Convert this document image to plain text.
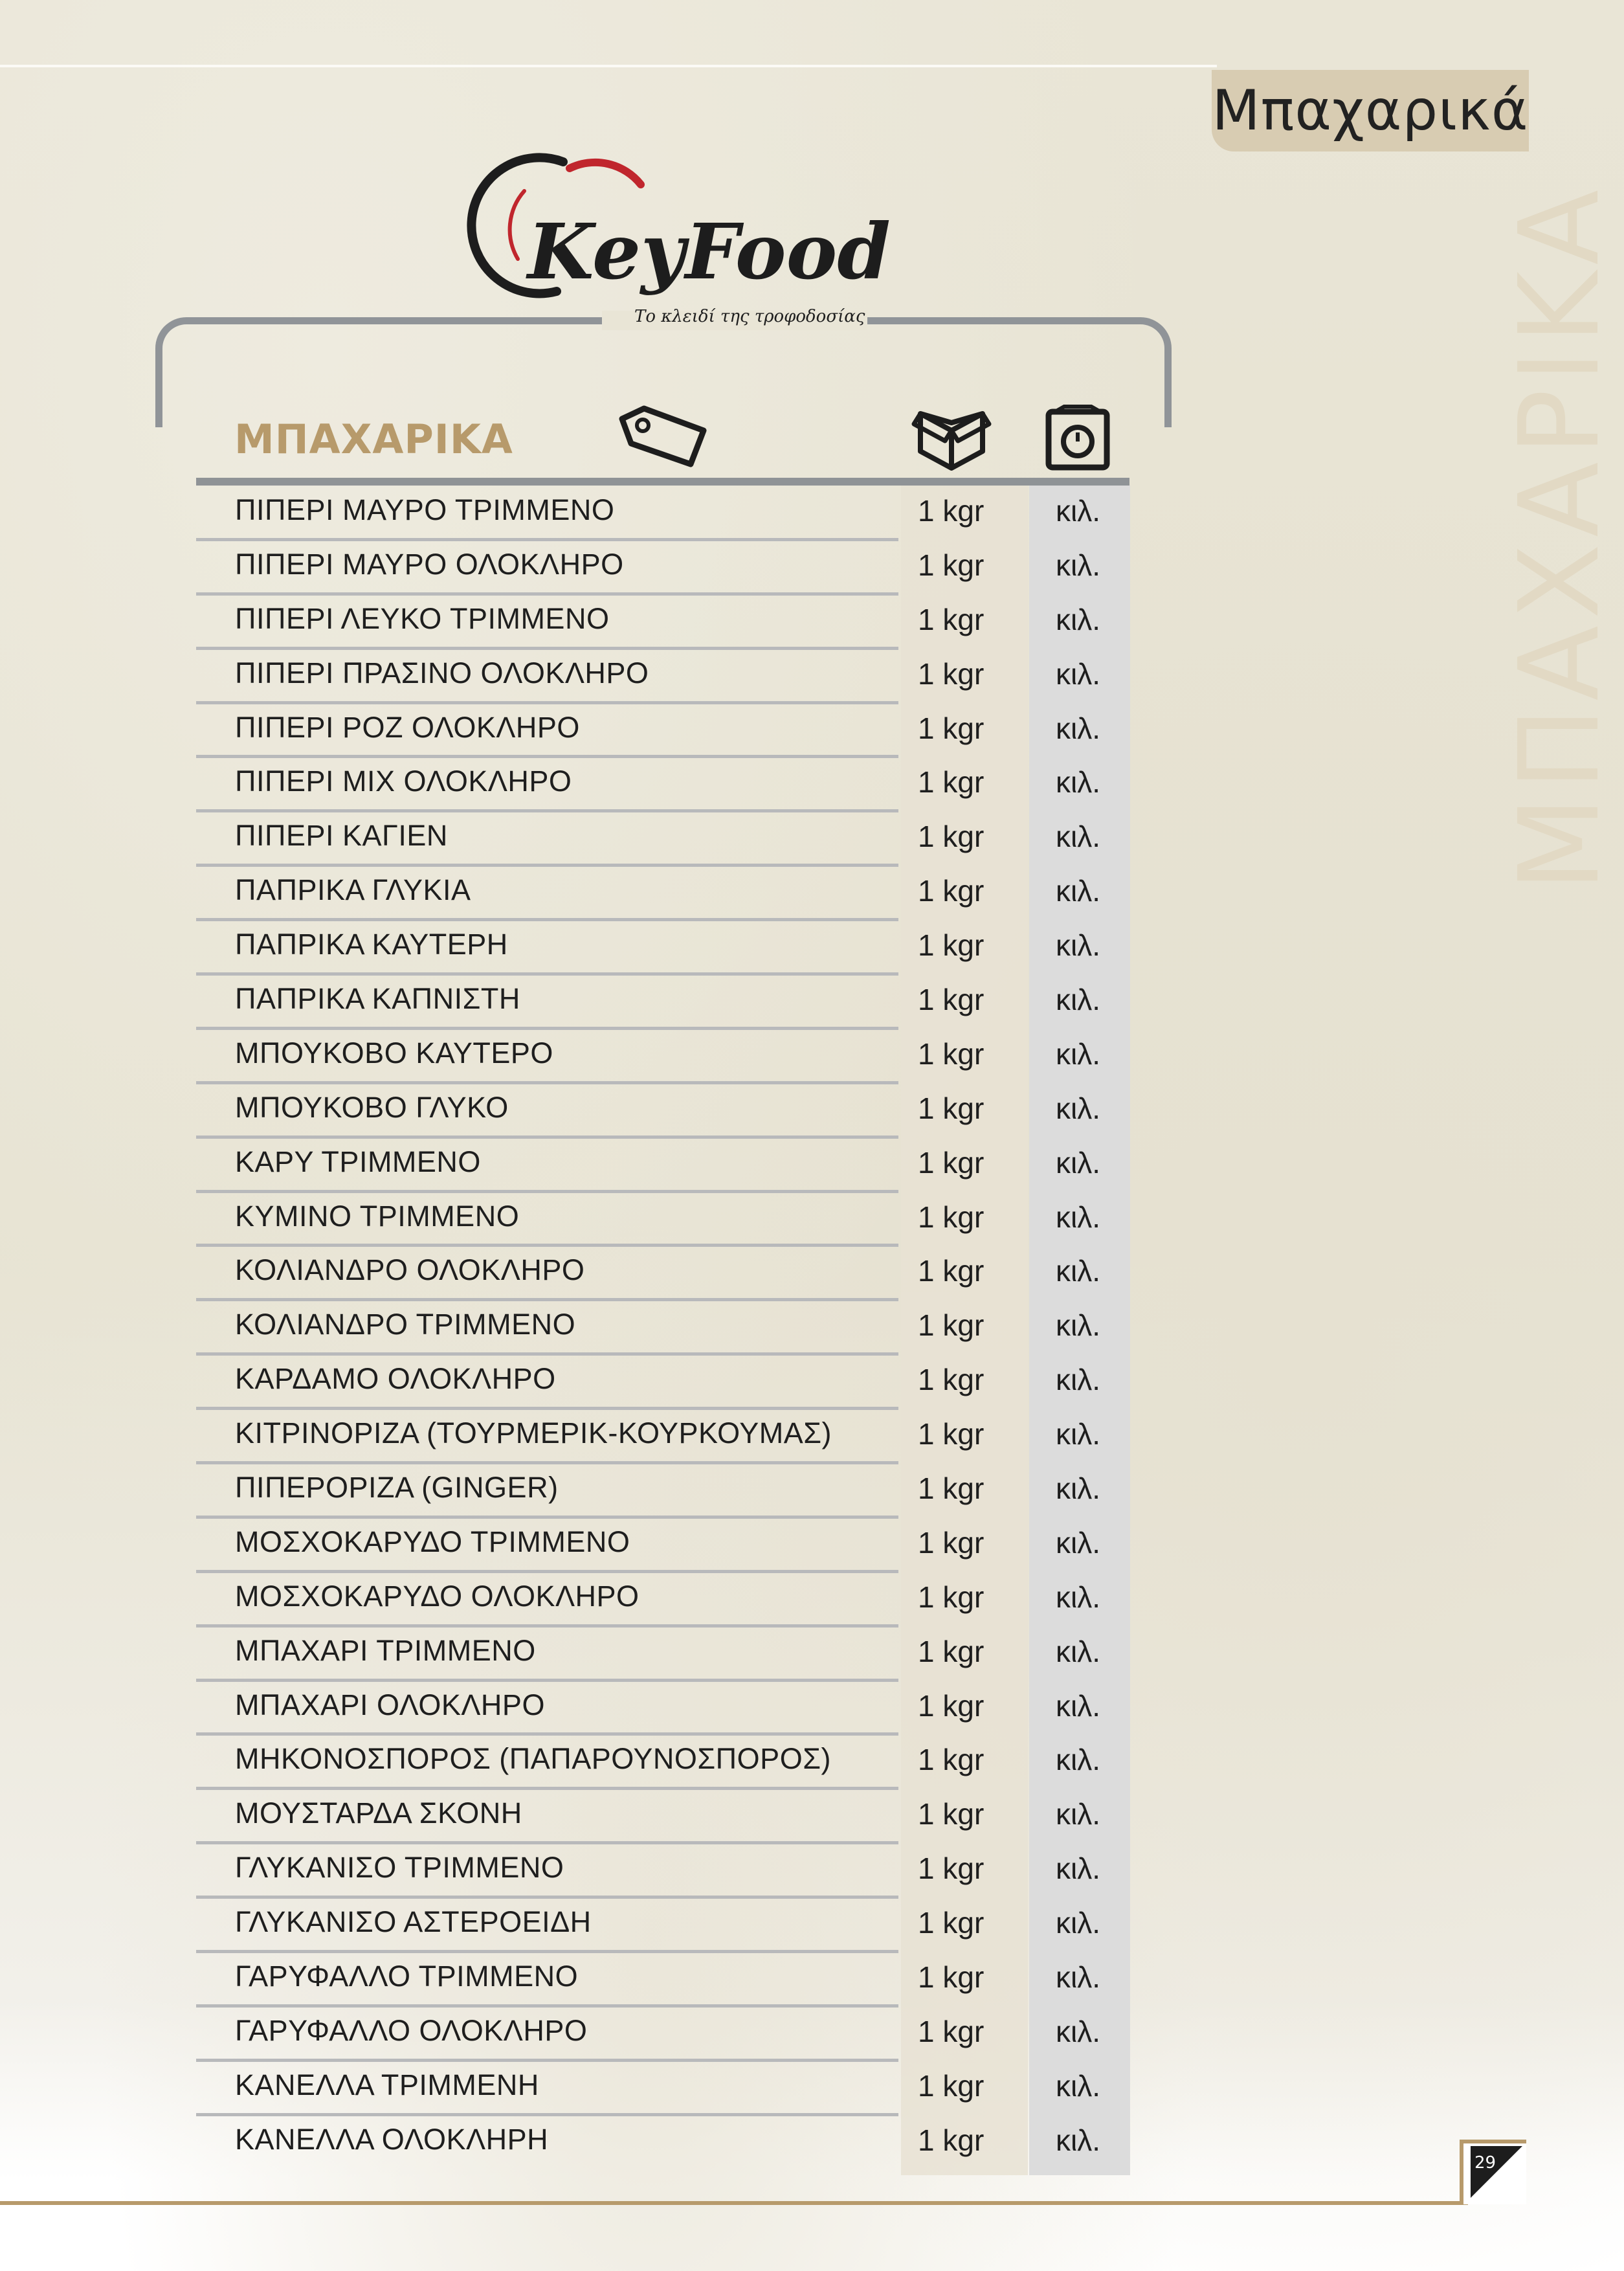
Μπαχαρικά
ΜΠΑΧΑΡΙΚΑ
KeyFood
Το κλειδί της τροφοδοσίας
ΜΠΑΧΑΡΙΚΑ
ΠΙΠΕΡΙ ΜΑΥΡΟ ΤΡΙΜΜΕΝΟ	1 kgr κιλ.
ΠΙΠΕΡΙ ΜΑΥΡΟ ΟΛΟΚΛΗΡΟ	1 kgr κιλ.
ΠΙΠΕΡΙ ΛΕΥΚΟ ΤΡΙΜΜΕΝΟ	1 kgr κιλ.
ΠΙΠΕΡΙ ΠΡΑΣΙΝΟ ΟΛΟΚΛΗΡΟ	1 kgr κιλ.
ΠΙΠΕΡΙ ΡΟΖ ΟΛΟΚΛΗΡΟ	1 kgr κιλ.
ΠΙΠΕΡΙ ΜΙΧ ΟΛΟΚΛΗΡΟ	1 kgr κιλ.
ΠΙΠΕΡΙ ΚΑΓΙΕΝ	1 kgr κιλ.
ΠΑΠΡΙΚΑ ΓΛΥΚΙΑ	1 kgr κιλ.
ΠΑΠΡΙΚΑ ΚΑΥΤΕΡΗ	1 kgr κιλ.
ΠΑΠΡΙΚΑ ΚΑΠΝΙΣΤΗ	1 kgr κιλ.
ΜΠΟΥΚΟΒΟ ΚΑΥΤΕΡΟ	1 kgr κιλ.
ΜΠΟΥΚΟΒΟ ΓΛΥΚΟ	1 kgr κιλ.
ΚΑΡΥ ΤΡΙΜΜΕΝΟ	1 kgr κιλ.
ΚΥΜΙΝΟ ΤΡΙΜΜΕΝΟ	1 kgr κιλ.
ΚΟΛΙΑΝΔΡΟ ΟΛΟΚΛΗΡΟ	1 kgr κιλ.
ΚΟΛΙΑΝΔΡΟ ΤΡΙΜΜΕΝΟ	1 kgr κιλ.
ΚΑΡΔΑΜΟ ΟΛΟΚΛΗΡΟ	1 kgr κιλ.
ΚΙΤΡΙΝΟΡΙΖΑ (ΤΟΥΡΜΕΡΙΚ-ΚΟΥΡΚΟΥΜΑΣ)	1 kgr κιλ.
ΠΙΠΕΡΟΡΙΖΑ (GINGER)	1 kgr κιλ.
ΜΟΣΧΟΚΑΡΥΔΟ ΤΡΙΜΜΕΝΟ	1 kgr κιλ.
ΜΟΣΧΟΚΑΡΥΔΟ ΟΛΟΚΛΗΡΟ	1 kgr κιλ.
ΜΠΑΧΑΡΙ ΤΡΙΜΜΕΝΟ	1 kgr κιλ.
ΜΠΑΧΑΡΙ ΟΛΟΚΛΗΡΟ	1 kgr κιλ.
ΜΗΚΟΝΟΣΠΟΡΟΣ (ΠΑΠΑΡΟΥΝΟΣΠΟΡΟΣ)	1 kgr κιλ.
ΜΟΥΣΤΑΡΔΑ ΣΚΟΝΗ	1 kgr κιλ.
ΓΛΥΚΑΝΙΣΟ ΤΡΙΜΜΕΝΟ	1 kgr κιλ.
ΓΛΥΚΑΝΙΣΟ ΑΣΤΕΡΟΕΙΔΗ	1 kgr κιλ.
ΓΑΡΥΦΑΛΛΟ ΤΡΙΜΜΕΝΟ	1 kgr κιλ.
ΓΑΡΥΦΑΛΛΟ ΟΛΟΚΛΗΡΟ	1 kgr κιλ.
ΚΑΝΕΛΛΑ ΤΡΙΜΜΕΝΗ	1 kgr κιλ.
ΚΑΝΕΛΛΑ ΟΛΟΚΛΗΡΗ	1 kgr κιλ.
29
